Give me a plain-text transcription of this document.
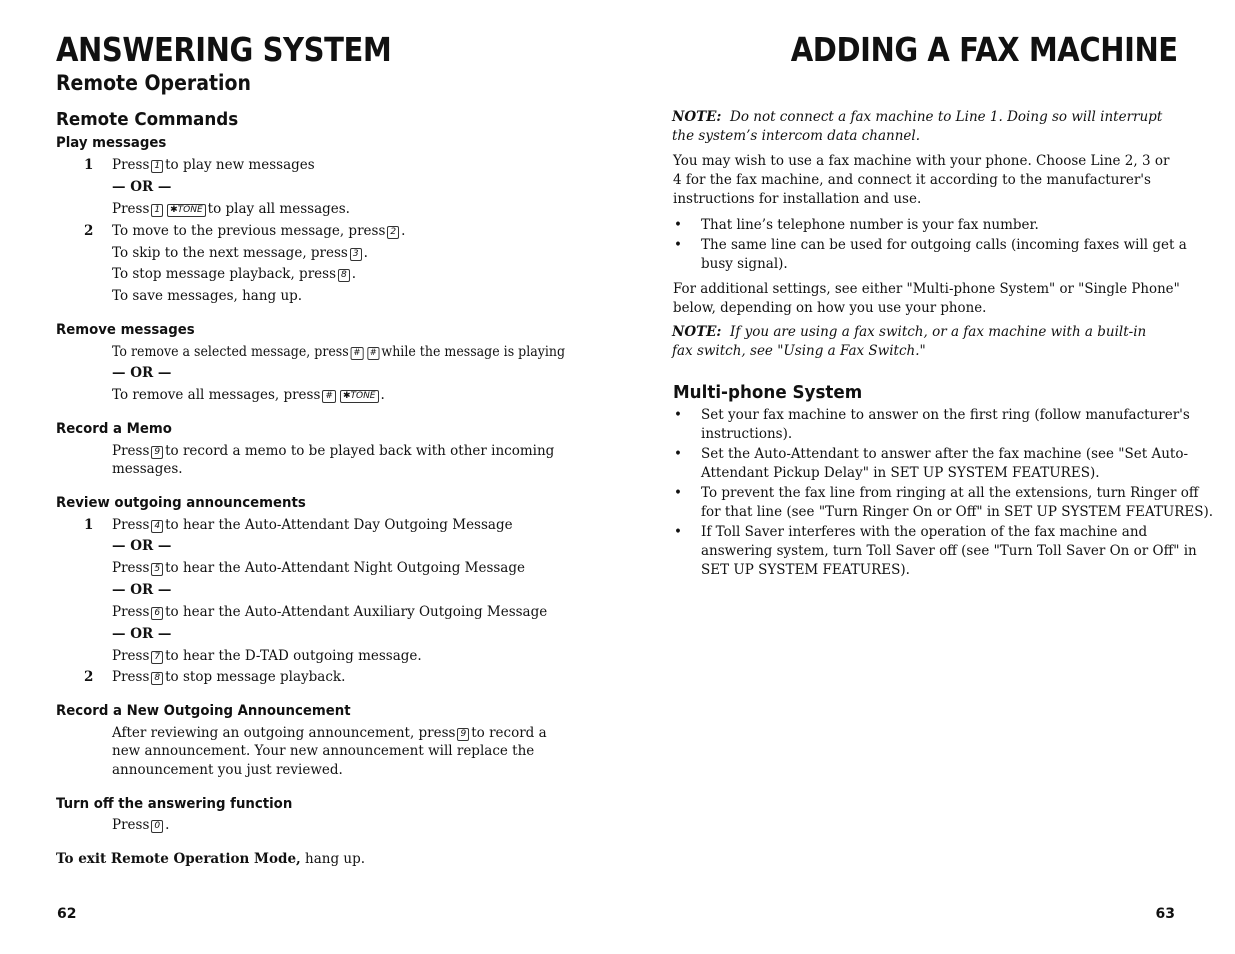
ANSWERING SYSTEM
Remote Operation
Remote Commands
Play messages
1 Press 1 to play new messages
— OR —
Press 1 ✱TONE to play all messages.
2 To move to the previous message, press 2 .
To skip to the next message, press 3 .
To stop message playback, press 8 .
To save messages, hang up.
Remove messages
To remove a selected message, press # # while the message is playing
— OR —
To remove all messages, press # ✱TONE .
Record a Memo
Press 9 to record a memo to be played back with other incoming
messages.
Review outgoing announcements
1 Press 4 to hear the Auto-Attendant Day Outgoing Message
— OR —
Press 5 to hear the Auto-Attendant Night Outgoing Message
— OR —
Press 6 to hear the Auto-Attendant Auxiliary Outgoing Message
— OR —
Press 7 to hear the D-TAD outgoing message.
2 Press 8 to stop message playback.
Record a New Outgoing Announcement
After reviewing an outgoing announcement, press 9 to record a
new announcement. Your new announcement will replace the
announcement you just reviewed.
Turn off the answering function
Press 0 .
To exit Remote Operation Mode, hang up.
62
ADDING A FAX MACHINE
NOTE: Do not connect a fax machine to Line 1. Doing so will interrupt
the system’s intercom data channel.
You may wish to use a fax machine with your phone. Choose Line 2, 3 or
4 for the fax machine, and connect it according to the manufacturer's
instructions for installation and use.
• That line’s telephone number is your fax number.
• The same line can be used for outgoing calls (incoming faxes will get a
busy signal).
For additional settings, see either "Multi-phone System" or "Single Phone" below, depending on how you use your phone.
NOTE: If you are using a fax switch, or a fax machine with a built-in
fax switch, see "Using a Fax Switch."
Multi-phone System
• Set your fax machine to answer on the first ring (follow manufacturer's
instructions).
• Set the Auto-Attendant to answer after the fax machine (see "Set Auto-
Attendant Pickup Delay" in SET UP SYSTEM FEATURES).
• To prevent the fax line from ringing at all the extensions, turn Ringer off
for that line (see "Turn Ringer On or Off" in SET UP SYSTEM FEATURES).
• If Toll Saver interferes with the operation of the fax machine and
answering system, turn Toll Saver off (see "Turn Toll Saver On or Off" in
SET UP SYSTEM FEATURES).
63
